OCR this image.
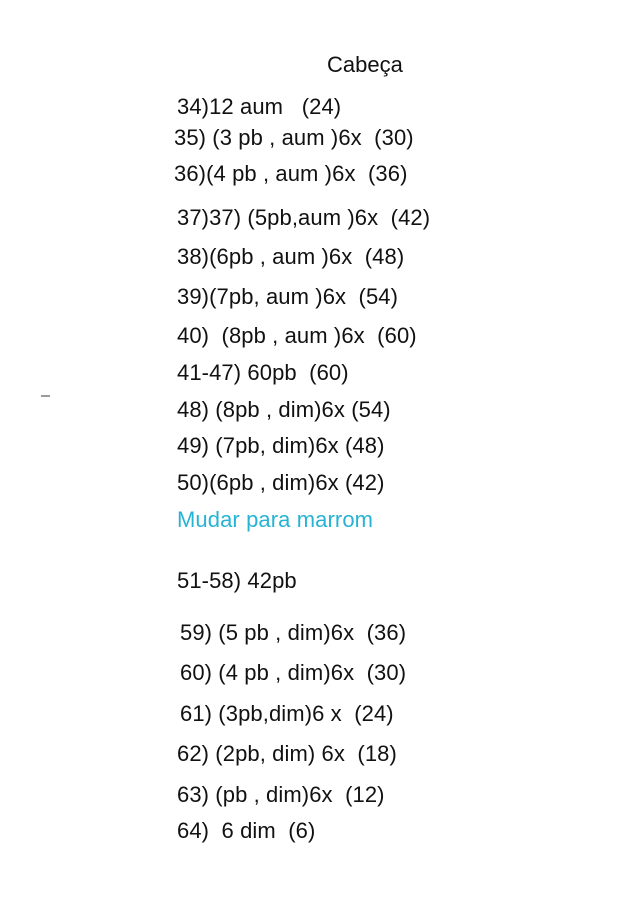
Cabeça
34)12 aum   (24)
35) (3 pb , aum )6x  (30)
36)(4 pb , aum )6x  (36)
37)37) (5pb,aum )6x  (42)
38)(6pb , aum )6x  (48)
39)(7pb, aum )6x  (54)
40)  (8pb , aum )6x  (60)
41-47) 60pb  (60)
48) (8pb , dim)6x (54)
49) (7pb, dim)6x (48)
50)(6pb , dim)6x (42)
Mudar para marrom
51-58) 42pb
59) (5 pb , dim)6x  (36)
60) (4 pb , dim)6x  (30)
61) (3pb,dim)6 x  (24)
62) (2pb, dim) 6x  (18)
63) (pb , dim)6x  (12)
64)  6 dim  (6)
